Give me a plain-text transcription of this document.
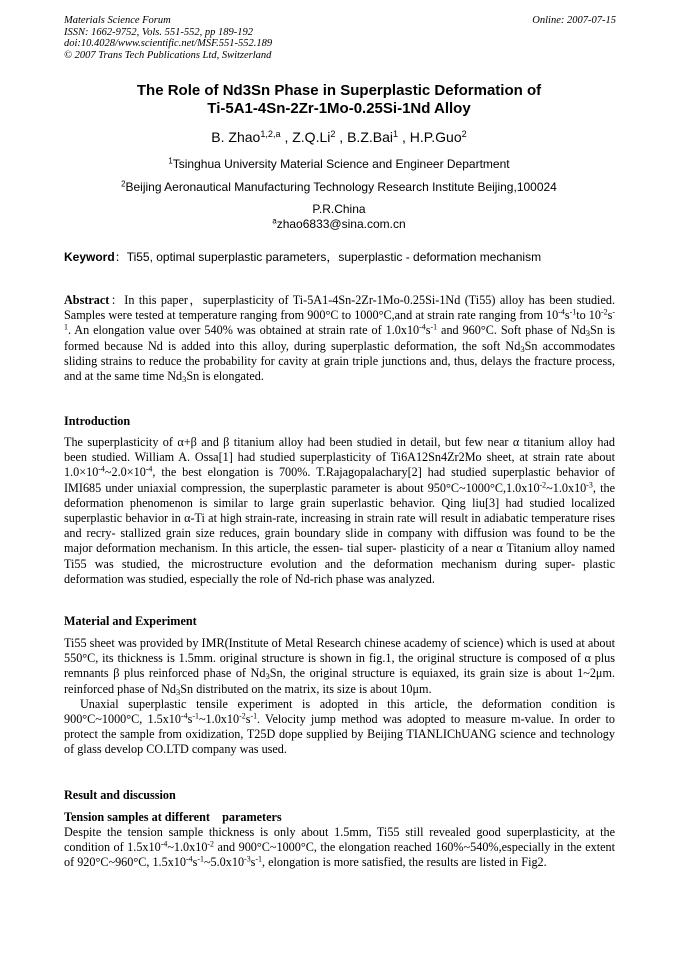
Materials Science Forum
ISSN: 1662-9752, Vols. 551-552, pp 189-192
doi:10.4028/www.scientific.net/MSF.551-552.189
© 2007 Trans Tech Publications Ltd, Switzerland
Online: 2007-07-15
The Role of Nd3Sn Phase in Superplastic Deformation of
Ti-5A1-4Sn-2Zr-1Mo-0.25Si-1Nd Alloy
B. Zhao$^{1,2,a}$ , Z.Q.Li$^2$ , B.Z.Bai$^1$ , H.P.Guo$^2$
$^1$Tsinghua University Material Science and Engineer Department
$^2$Beijing Aeronautical Manufacturing Technology Research Institute Beijing,100024
P.R.China
$^a$zhao6833@sina.com.cn
Keyword：Ti55, optimal superplastic parameters，superplastic - deformation mechanism

Abstract：In this paper，superplasticity of Ti-5A1-4Sn-2Zr-1Mo-0.25Si-1Nd (Ti55) alloy has been studied. Samples were tested at temperature ranging from 900°C to 1000°C,and at strain rate ranging from $10^{-4}s^{-1}to$ $10^{-2}s^{-1}$. An elongation value over 540% was obtained at strain rate of $1.0x10^{-4}s^{-1}$ and 960°C. Soft phase of $Nd_3Sn$ is formed because Nd is added into this alloy, during superplastic deformation, the soft $Nd_3Sn$ accommodates sliding strains to reduce the probability for cavity at grain triple junctions and, thus, delays the fracture process, and at the same time $Nd_3Sn$ is elongated.

Introduction

The superplasticity of α+β and β titanium alloy had been studied in detail, but few near α titanium alloy had been studied. William A. Ossa[1] had studied superplasticity of Ti6A12Sn4Zr2Mo sheet, at strain rate about $1.0\times 10^{-4}\sim 2.0\times 10^{-4}$, the best elongation is 700%. T.Rajagopalachary[2] had studied superplastic behavior of IMI685 under uniaxial compression, the superplastic parameter is about $950^\circ C\sim 1000^\circ C,1.0x10^{-2}\sim 1.0x10^{-3}$, the deformation phenomenon is similar to large grain superlastic behavior. Qing liu[3] had studied localized superplastic behavior in α-Ti at high strain-rate, increasing in strain rate will result in adiabatic temperature rises and recry- stallized grain size reduces, grain boundary slide in company with diffusion was found to be the major deformation mechanism. In this article, the essen- tial super- plasticity of a near α Titanium alloy named Ti55 was studied, the microstructure evolution and the deformation mechanism during super- plastic deformation was studied, especially the role of Nd-rich phase was analyzed.

Material and Experiment

Ti55 sheet was provided by IMR(Institute of Metal Research chinese academy of science) which is used at about 550°C, its thickness is 1.5mm. original structure is shown in fig.1, the original structure is composed of α plus remnants β plus reinforced phase of $Nd_3Sn$, the original structure is equiaxed, its grain size is about 1~2μm. reinforced phase of $Nd_3Sn$ distributed on the matrix, its size is about 10μm.

Unaxial superplastic tensile experiment is adopted in this article, the deformation condition is 900°C~1000°C, $1.5x10^{-4}s^{-1}\sim 1.0x10^{-2}s^{-1}$. Velocity jump method was adopted to measure m-value. In order to protect the sample from oxidization, T25D dope supplied by Beijing TIANLIChUANG science and technology of glass develop CO.LTD company was used.

Result and discussion
Tension samples at different    parameters

Despite the tension sample thickness is only about 1.5mm, Ti55 still revealed good superplasticity, at the condition of $1.5x10^{-4}\sim 1.0x10^{-2}$ and 900°C~1000°C, the elongation reached 160%~540%,especially in the extent of 920°C~960°C, $1.5x10^{-4}s^{-1}\sim 5.0x10^{-3}s^{-1}$, elongation is more satisfied, the results are listed in Fig2.
